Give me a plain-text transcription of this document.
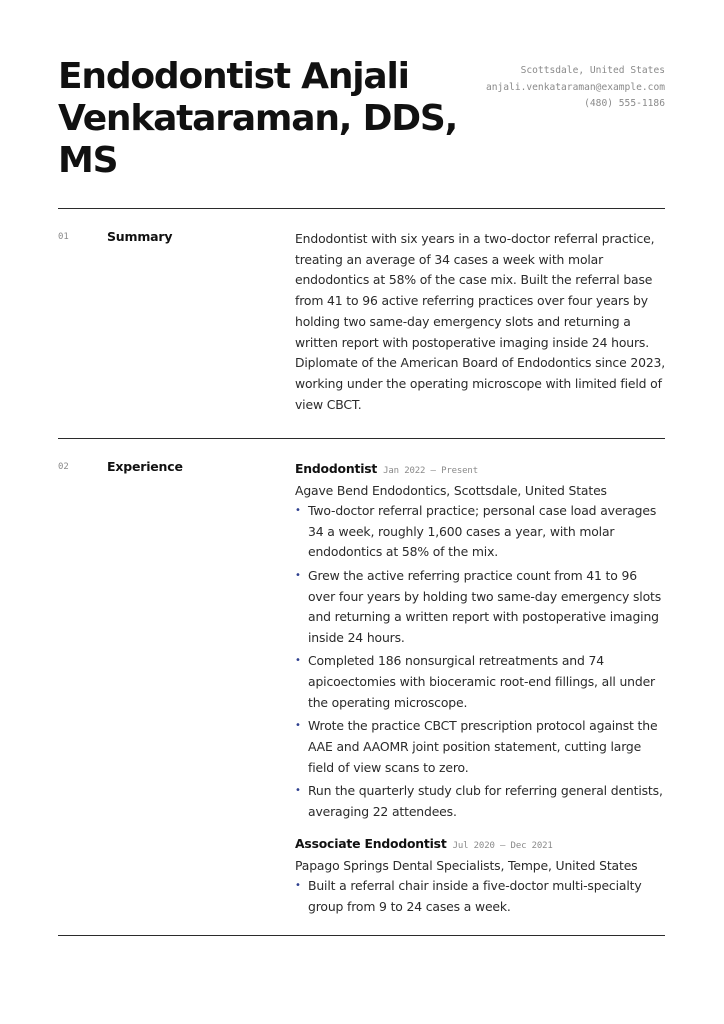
Endodontist Anjali Venkataraman, DDS, MS
Scottsdale, United States
anjali.venkataraman@example.com
(480) 555-1186
01	Summary	Endodontist with six years in a two-doctor referral practice, treating an average of 34 cases a week with molar endodontics at 58% of the case mix. Built the referral base from 41 to 96 active referring practices over four years by holding two same-day emergency slots and returning a written report with postoperative imaging inside 24 hours. Diplomate of the American Board of Endodontics since 2023, working under the operating microscope with limited field of view CBCT.

02	Experience	Endodontist Jan 2022 – Present
Agave Bend Endodontics, Scottsdale, United States
• Two-doctor referral practice; personal case load averages 34 a week, roughly 1,600 cases a year, with molar endodontics at 58% of the mix.
• Grew the active referring practice count from 41 to 96 over four years by holding two same-day emergency slots and returning a written report with postoperative imaging inside 24 hours.
• Completed 186 nonsurgical retreatments and 74 apicoectomies with bioceramic root-end fillings, all under the operating microscope.
• Wrote the practice CBCT prescription protocol against the AAE and AAOMR joint position statement, cutting large field of view scans to zero.
• Run the quarterly study club for referring general dentists, averaging 22 attendees.
Associate Endodontist Jul 2020 – Dec 2021
Papago Springs Dental Specialists, Tempe, United States
• Built a referral chair inside a five-doctor multi-specialty group from 9 to 24 cases a week.
